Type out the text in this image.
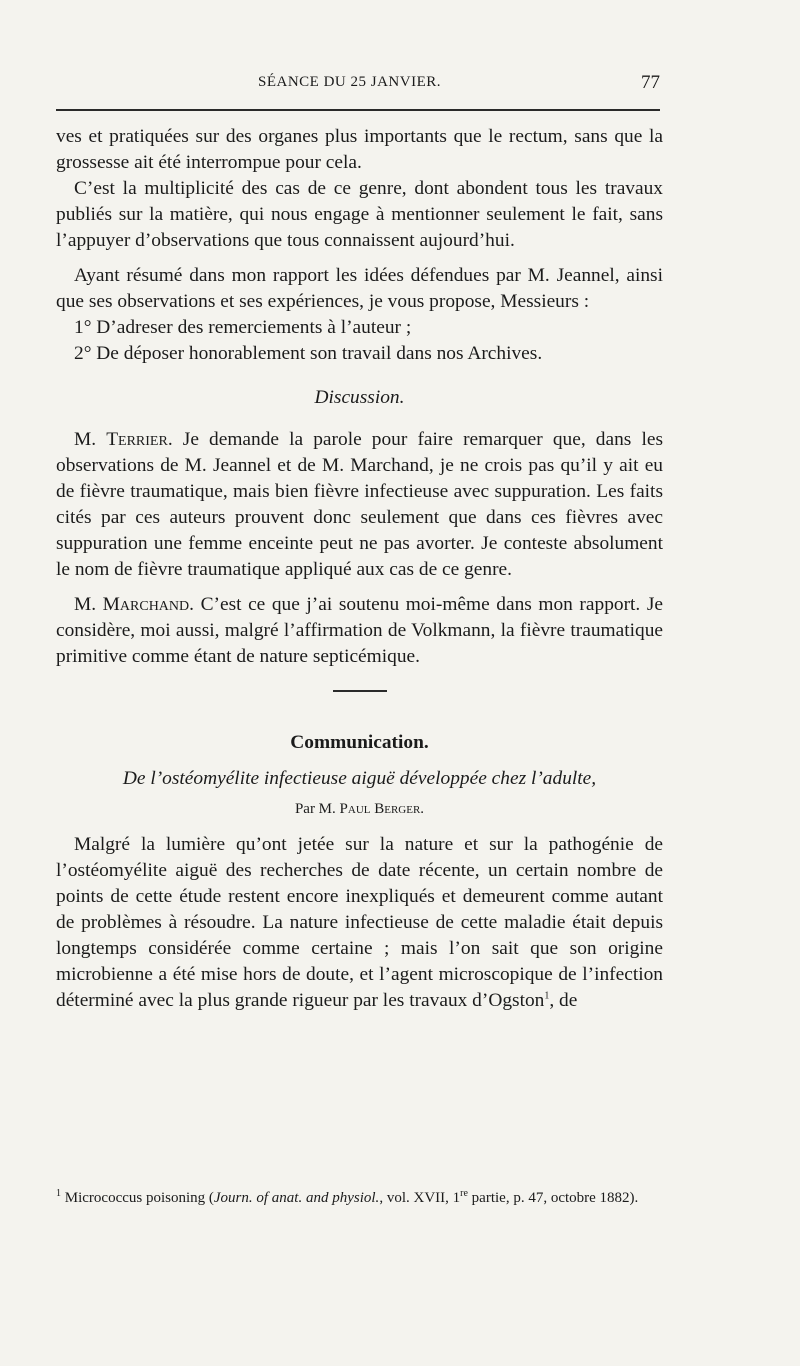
SÉANCE DU 25 JANVIER.	77

ves et pratiquées sur des organes plus importants que le rectum, sans que la grossesse ait été interrompue pour cela.

C’est la multiplicité des cas de ce genre, dont abondent tous les travaux publiés sur la matière, qui nous engage à mentionner seulement le fait, sans l’appuyer d’observations que tous connaissent aujourd’hui.

Ayant résumé dans mon rapport les idées défendues par M. Jeannel, ainsi que ses observations et ses expériences, je vous propose, Messieurs :

1° D’adreser des remerciements à l’auteur ;

2° De déposer honorablement son travail dans nos Archives.

Discussion.

M. Terrier. Je demande la parole pour faire remarquer que, dans les observations de M. Jeannel et de M. Marchand, je ne crois pas qu’il y ait eu de fièvre traumatique, mais bien fièvre infectieuse avec suppuration. Les faits cités par ces auteurs prouvent donc seulement que dans ces fièvres avec suppuration une femme enceinte peut ne pas avorter. Je conteste absolument le nom de fièvre traumatique appliqué aux cas de ce genre.

M. Marchand. C’est ce que j’ai soutenu moi-même dans mon rapport. Je considère, moi aussi, malgré l’affirmation de Volkmann, la fièvre traumatique primitive comme étant de nature septicémique.

Communication.

De l’ostéomyélite infectieuse aiguë développée chez l’adulte,

Par M. Paul Berger.

Malgré la lumière qu’ont jetée sur la nature et sur la pathogénie de l’ostéomyélite aiguë des recherches de date récente, un certain nombre de points de cette étude restent encore inexpliqués et demeurent comme autant de problèmes à résoudre. La nature infectieuse de cette maladie était depuis longtemps considérée comme certaine ; mais l’on sait que son origine microbienne a été mise hors de doute, et l’agent microscopique de l’infection déterminé avec la plus grande rigueur par les travaux d’Ogston$^1$, de

$^1$ Micrococcus poisoning (Journ. of anat. and physiol., vol. XVII, 1re partie, p. 47, octobre 1882).
